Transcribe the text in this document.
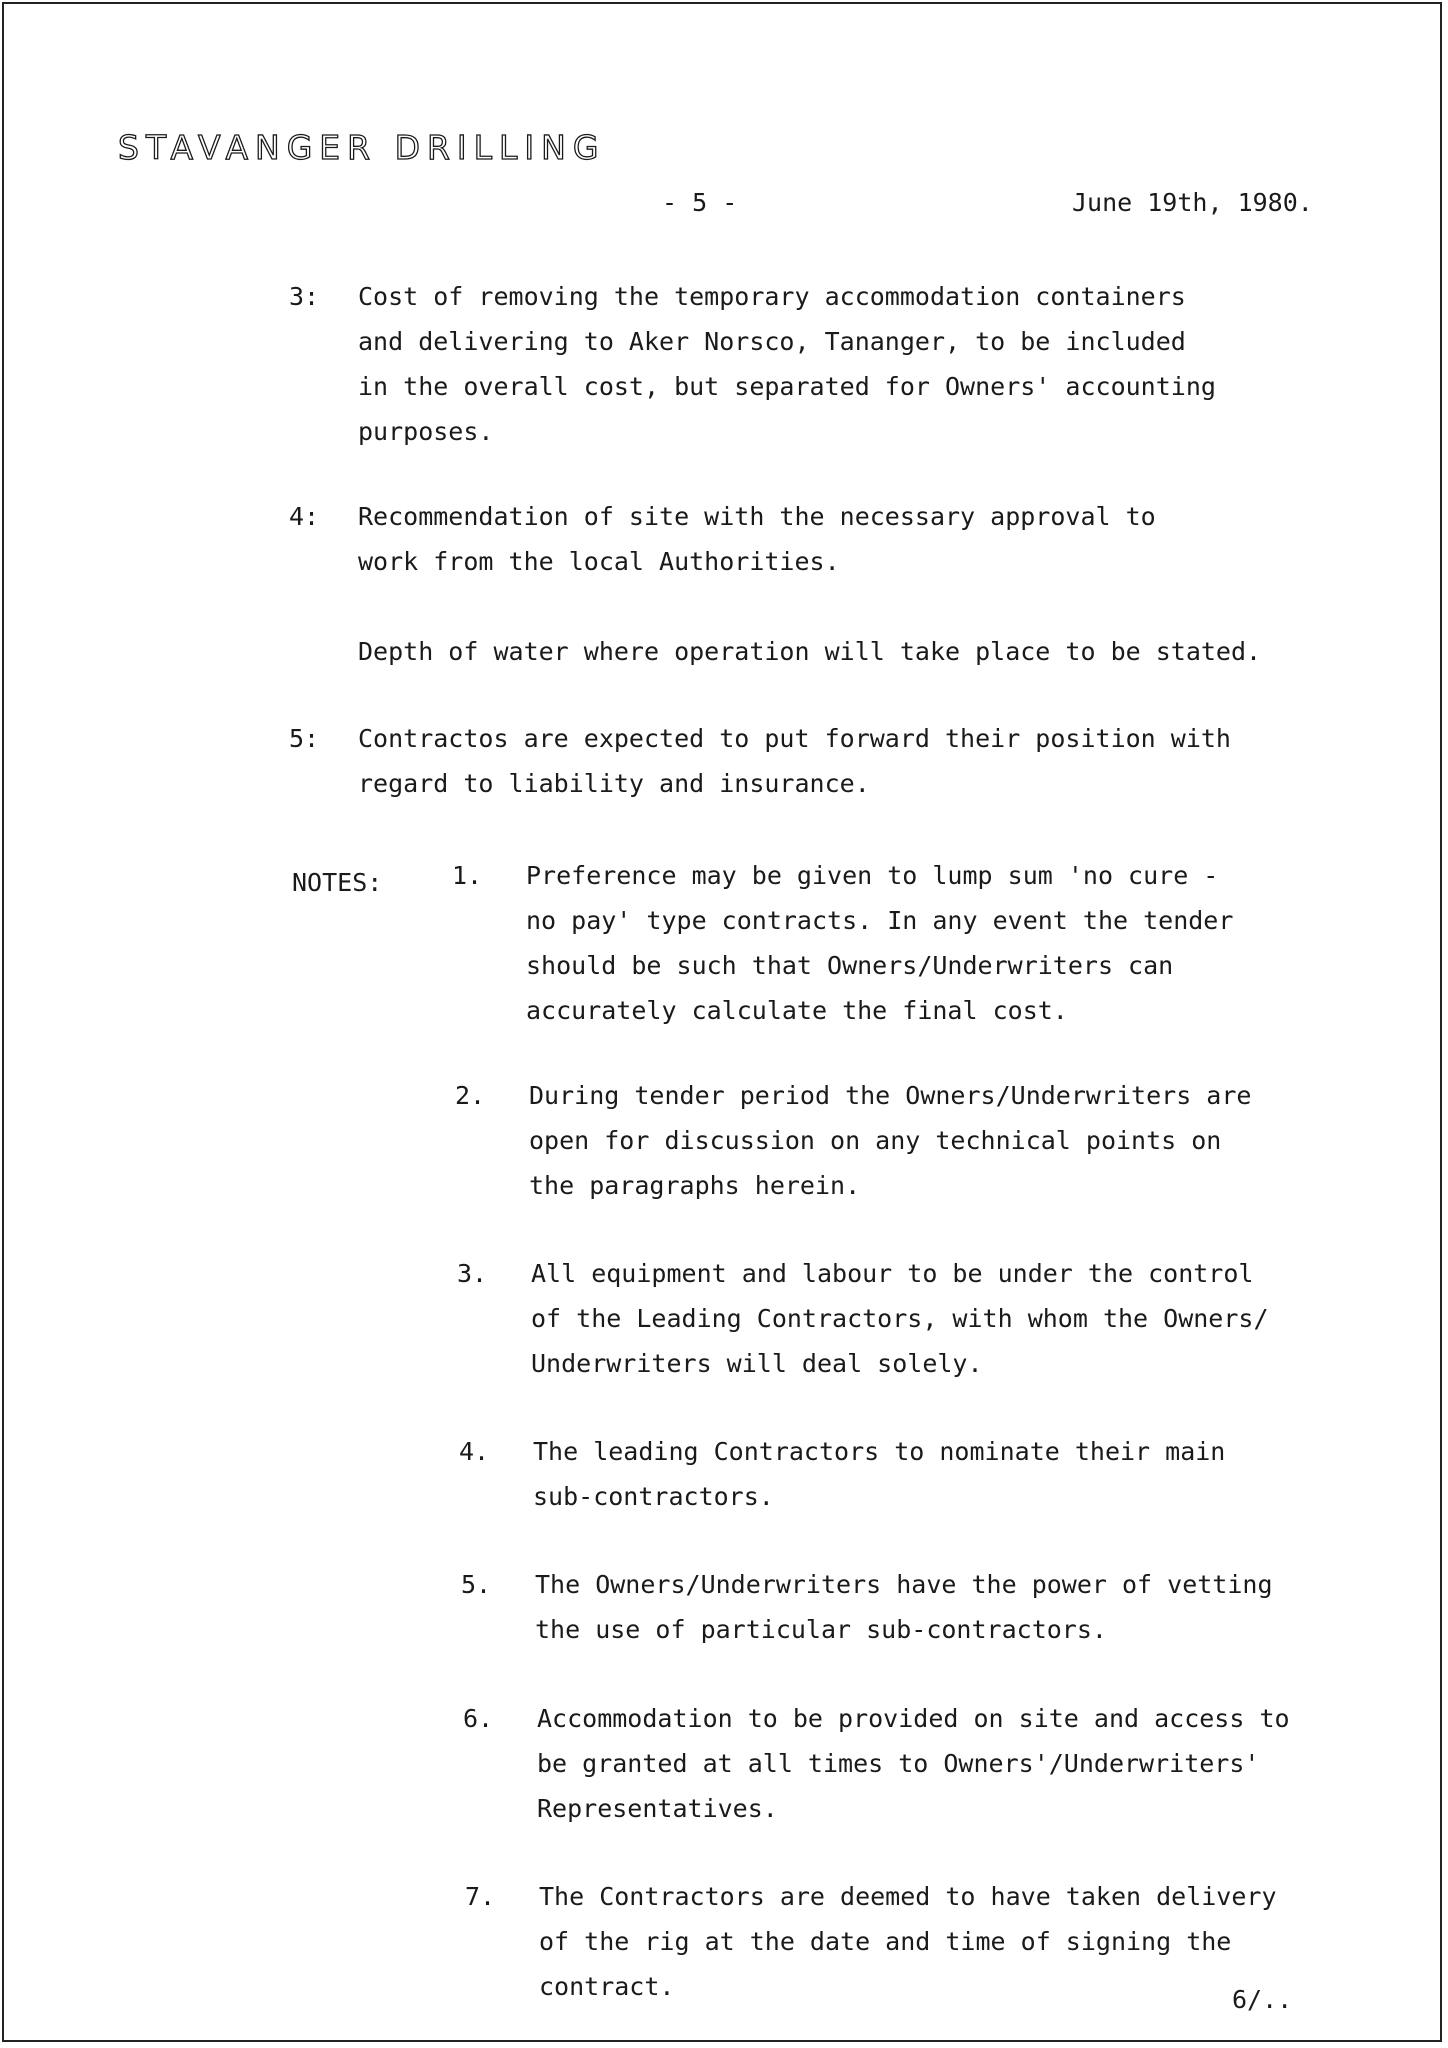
STAVANGER DRILLING
- 5 -	June 19th, 1980.
3: Cost of removing the temporary accommodation containers
and delivering to Aker Norsco, Tananger, to be included
in the overall cost, but separated for Owners' accounting
purposes.
4: Recommendation of site with the necessary approval to
work from the local Authorities.

Depth of water where operation will take place to be stated.
5: Contractos are expected to put forward their position with
regard to liability and insurance.
NOTES:	1. Preference may be given to lump sum 'no cure -
no pay' type contracts. In any event the tender
should be such that Owners/Underwriters can
accurately calculate the final cost.
2. During tender period the Owners/Underwriters are
open for discussion on any technical points on
the paragraphs herein.
3. All equipment and labour to be under the control
of the Leading Contractors, with whom the Owners/
Underwriters will deal solely.
4. The leading Contractors to nominate their main
sub-contractors.
5. The Owners/Underwriters have the power of vetting
the use of particular sub-contractors.
6. Accommodation to be provided on site and access to
be granted at all times to Owners'/Underwriters'
Representatives.
7. The Contractors are deemed to have taken delivery
of the rig at the date and time of signing the
contract.	6/..
